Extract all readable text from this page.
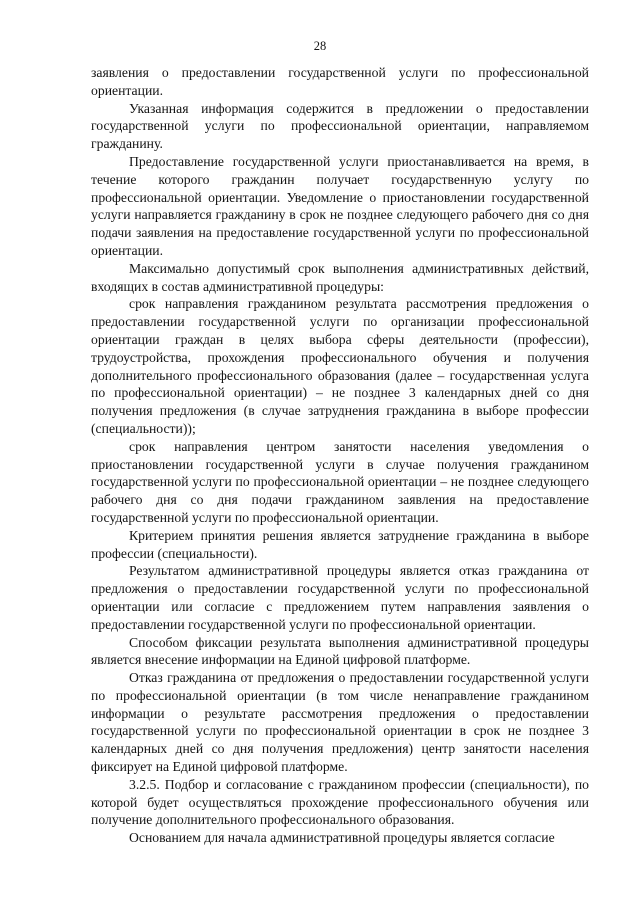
28

заявления о предоставлении государственной услуги по профессиональной ориентации.

Указанная информация содержится в предложении о предоставлении государственной услуги по профессиональной ориентации, направляемом гражданину.

Предоставление государственной услуги приостанавливается на время, в течение которого гражданин получает государственную услугу по профессиональной ориентации. Уведомление о приостановлении государственной услуги направляется гражданину в срок не позднее следующего рабочего дня со дня подачи заявления на предоставление государственной услуги по профессиональной ориентации.

Максимально допустимый срок выполнения административных действий, входящих в состав административной процедуры:

срок направления гражданином результата рассмотрения предложения о предоставлении государственной услуги по организации профессиональной ориентации граждан в целях выбора сферы деятельности (профессии), трудоустройства, прохождения профессионального обучения и получения дополнительного профессионального образования (далее – государственная услуга по профессиональной ориентации) – не позднее 3 календарных дней со дня получения предложения (в случае затруднения гражданина в выборе профессии (специальности));

срок направления центром занятости населения уведомления о приостановлении государственной услуги в случае получения гражданином государственной услуги по профессиональной ориентации – не позднее следующего рабочего дня со дня подачи гражданином заявления на предоставление государственной услуги по профессиональной ориентации.

Критерием принятия решения является затруднение гражданина в выборе профессии (специальности).

Результатом административной процедуры является отказ гражданина от предложения о предоставлении государственной услуги по профессиональной ориентации или согласие с предложением путем направления заявления о предоставлении государственной услуги по профессиональной ориентации.

Способом фиксации результата выполнения административной процедуры является внесение информации на Единой цифровой платформе.

Отказ гражданина от предложения о предоставлении государственной услуги по профессиональной ориентации (в том числе ненаправление гражданином информации о результате рассмотрения предложения о предоставлении государственной услуги по профессиональной ориентации в срок не позднее 3 календарных дней со дня получения предложения) центр занятости населения фиксирует на Единой цифровой платформе.

3.2.5. Подбор и согласование с гражданином профессии (специальности), по которой будет осуществляться прохождение профессионального обучения или получение дополнительного профессионального образования.

Основанием для начала административной процедуры является согласие
